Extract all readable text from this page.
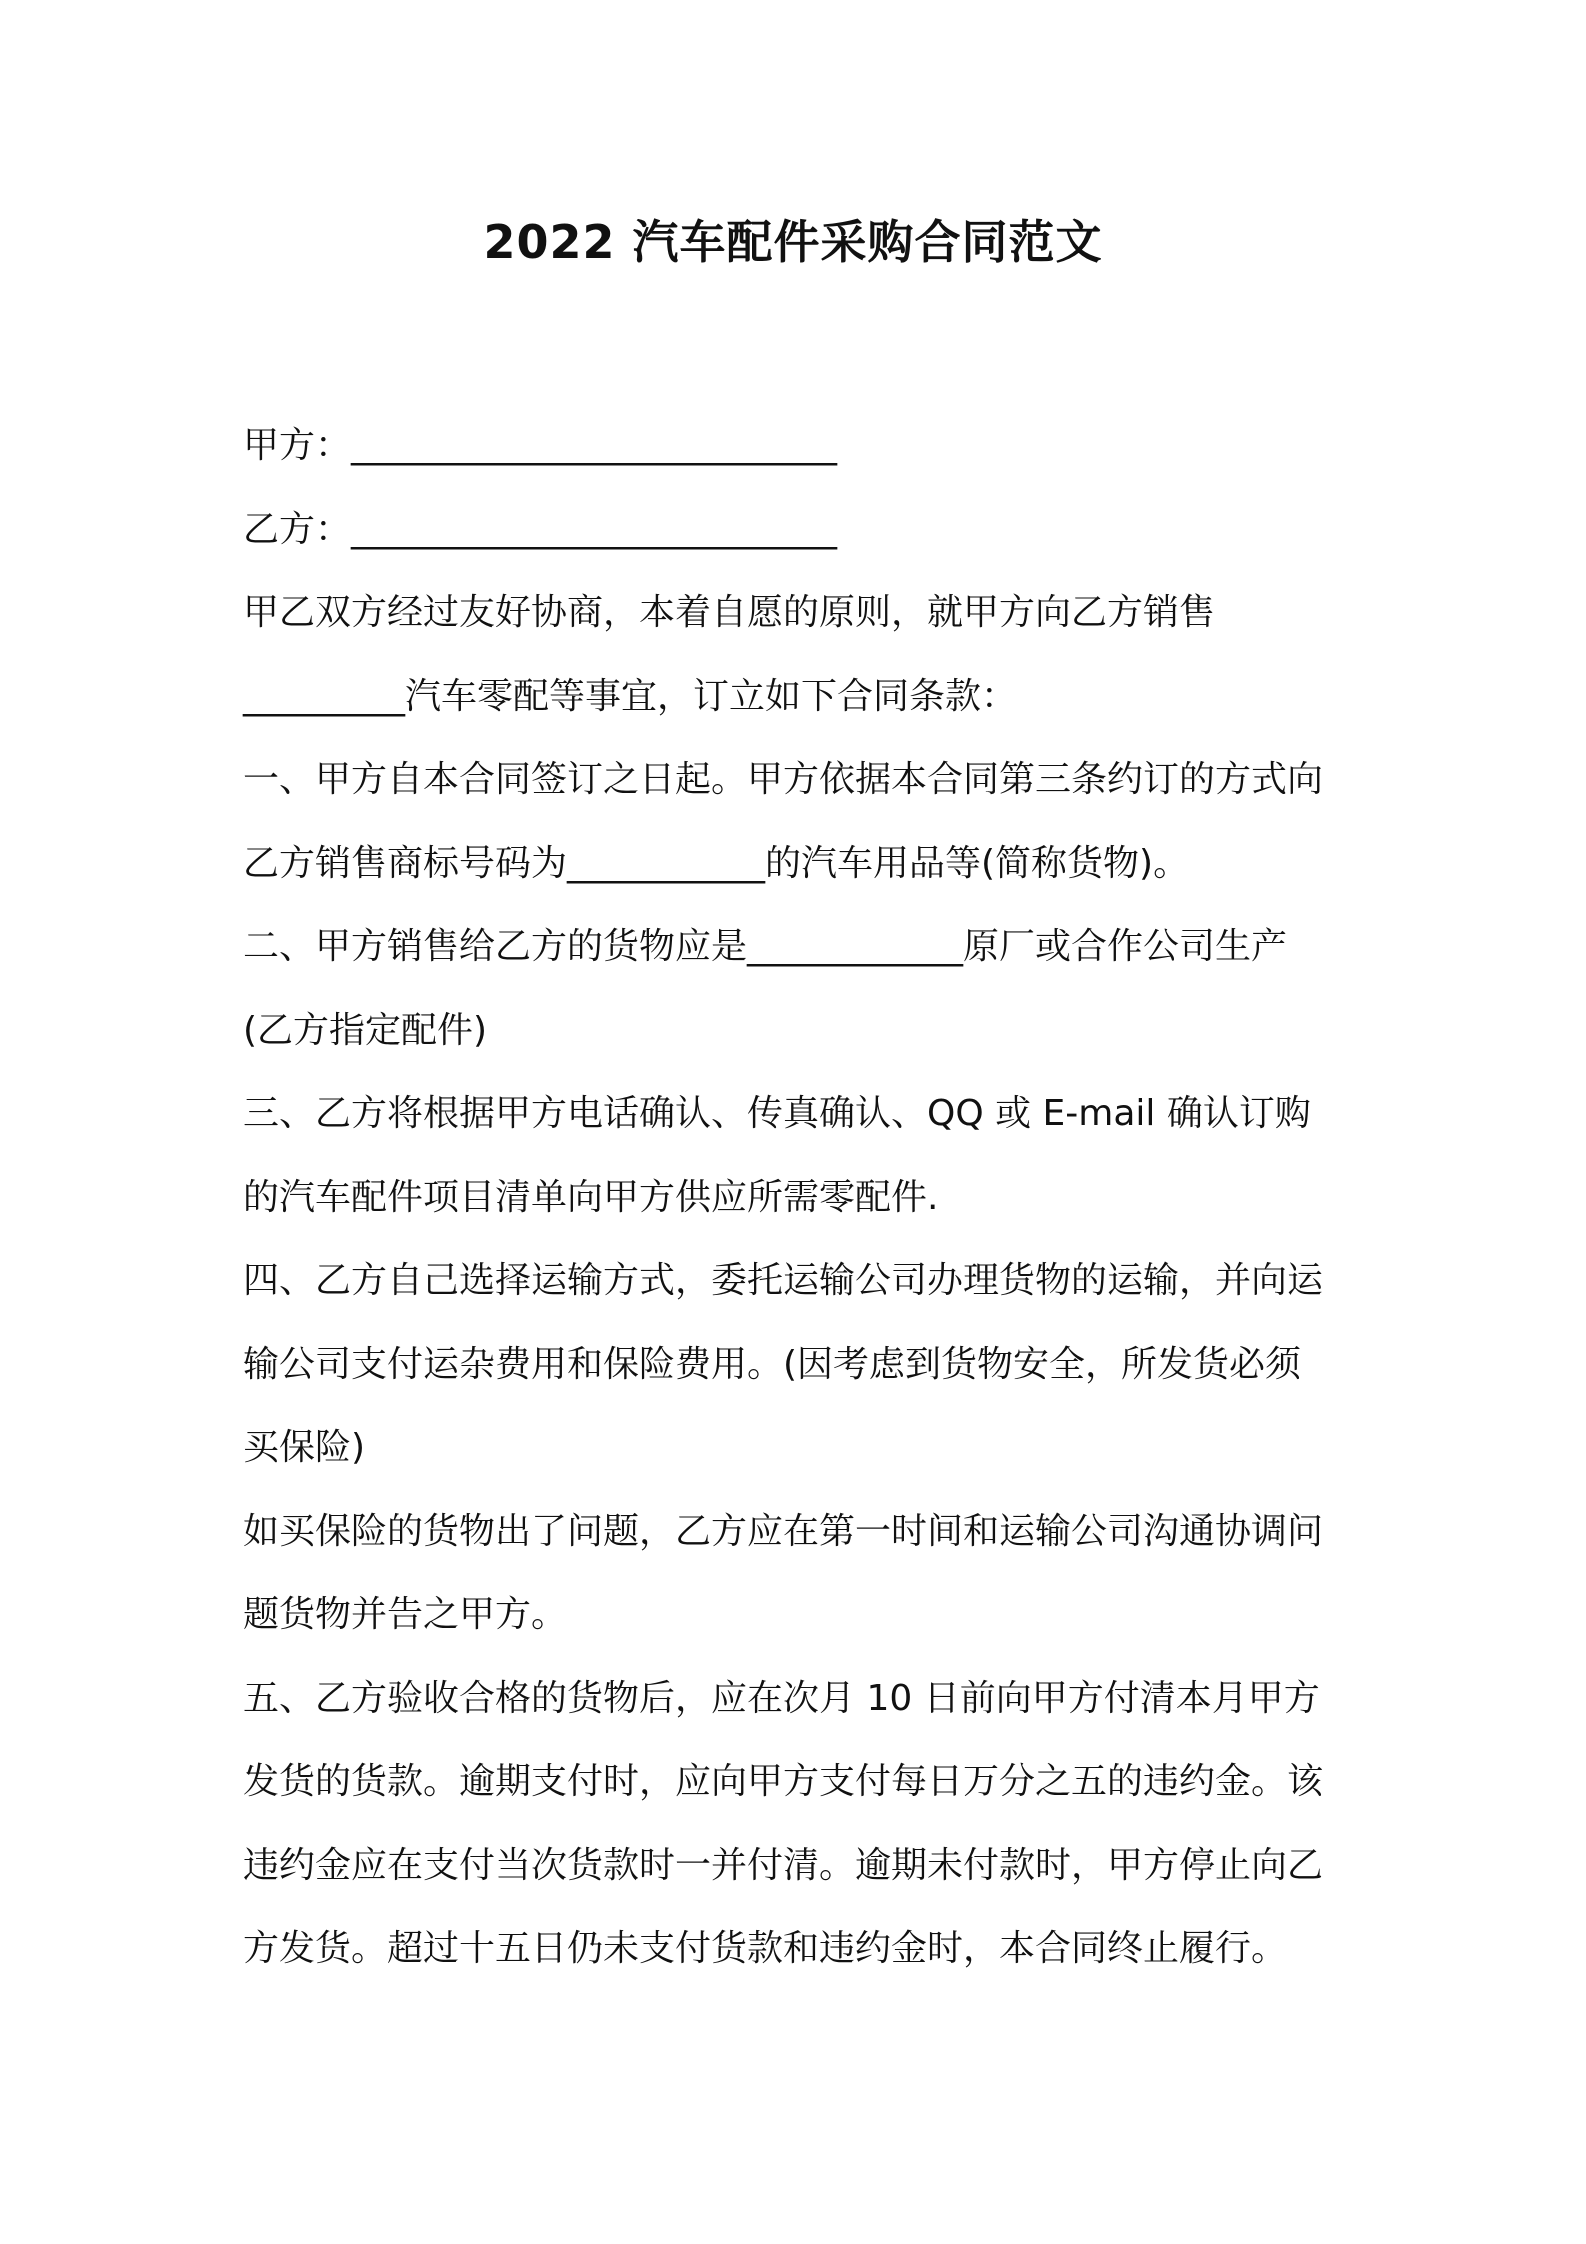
2022 汽车配件采购合同范文
甲方：___________________________
乙方：___________________________
甲乙双方经过友好协商，本着自愿的原则，就甲方向乙方销售
_________汽车零配等事宜，订立如下合同条款：
一、甲方自本合同签订之日起。甲方依据本合同第三条约订的方式向
乙方销售商标号码为___________的汽车用品等(简称货物)。
二、甲方销售给乙方的货物应是____________原厂或合作公司生产
(乙方指定配件)
三、乙方将根据甲方电话确认、传真确认、QQ 或 E-mail 确认订购
的汽车配件项目清单向甲方供应所需零配件.
四、乙方自己选择运输方式，委托运输公司办理货物的运输，并向运
输公司支付运杂费用和保险费用。(因考虑到货物安全，所发货必须
买保险)
如买保险的货物出了问题，乙方应在第一时间和运输公司沟通协调问
题货物并告之甲方。
五、乙方验收合格的货物后，应在次月 10 日前向甲方付清本月甲方
发货的货款。逾期支付时，应向甲方支付每日万分之五的违约金。该
违约金应在支付当次货款时一并付清。逾期未付款时，甲方停止向乙
方发货。超过十五日仍未支付货款和违约金时，本合同终止履行。
